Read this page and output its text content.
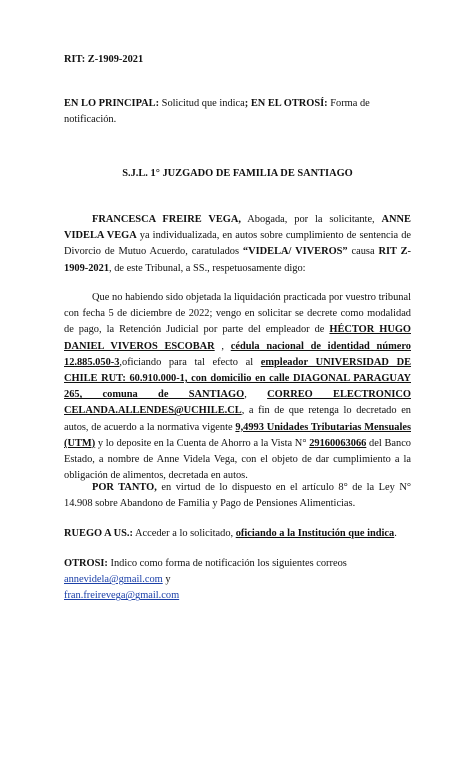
RIT: Z-1909-2021

EN LO PRINCIPAL: Solicitud que indica; EN EL OTROSÍ: Forma de notificación.

S.J.L. 1° JUZGADO DE FAMILIA DE SANTIAGO

FRANCESCA FREIRE VEGA, Abogada, por la solicitante, ANNE VIDELA VEGA ya individualizada, en autos sobre cumplimiento de sentencia de Divorcio de Mutuo Acuerdo, caratulados “VIDELA/ VIVEROS” causa RIT Z-1909-2021, de este Tribunal, a SS., respetuosamente digo:

Que no habiendo sido objetada la liquidación practicada por vuestro tribunal con fecha 5 de diciembre de 2022; vengo en solicitar se decrete como modalidad de pago, la Retención Judicial por parte del empleador de HÉCTOR HUGO DANIEL VIVEROS ESCOBAR , cédula nacional de identidad número 12.885.050-3,oficiando para tal efecto al empleador UNIVERSIDAD DE CHILE RUT: 60.910.000-1, con domicilio en calle DIAGONAL PARAGUAY 265, comuna de SANTIAGO, CORREO ELECTRONICO CELANDA.ALLENDES@UCHILE.CL, a fin de que retenga lo decretado en autos, de acuerdo a la normativa vigente 9,4993 Unidades Tributarias Mensuales (UTM) y lo deposite en la Cuenta de Ahorro a la Vista N° 29160063066 del Banco Estado, a nombre de Anne Videla Vega, con el objeto de dar cumplimiento a la obligación de alimentos, decretada en autos.

POR TANTO, en virtud de lo dispuesto en el artículo 8° de la Ley N° 14.908 sobre Abandono de Familia y Pago de Pensiones Alimenticias.

RUEGO A US.: Acceder a lo solicitado, oficiando a la Institución que indica.

OTROSI: Indico como forma de notificación los siguientes correos annevidela@gmail.com y
fran.freirevega@gmail.com
